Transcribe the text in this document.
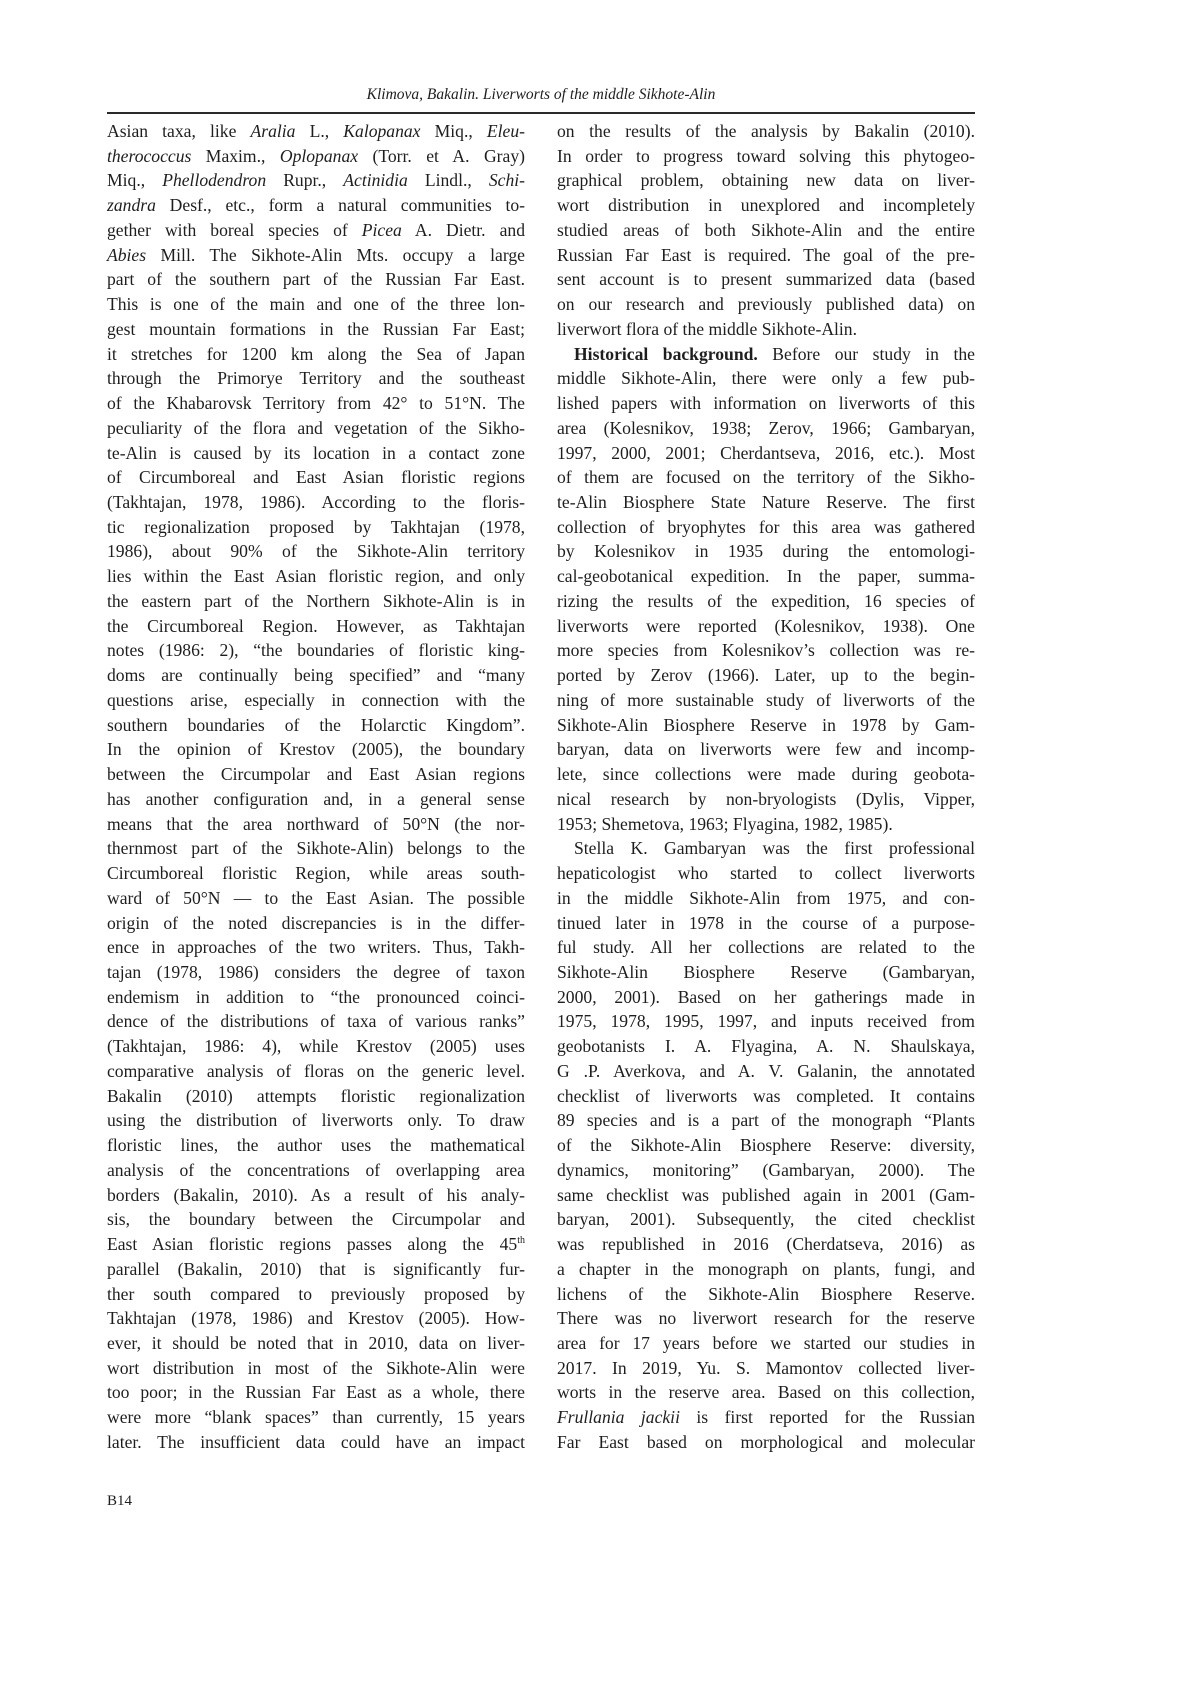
Klimova, Bakalin. Liverworts of the middle Sikhote-Alin
Asian taxa, like Aralia L., Kalopanax Miq., Eleu-
therococcus Maxim., Oplopanax (Torr. et A. Gray)
Miq., Phellodendron Rupr., Actinidia Lindl., Schi-
zandra Desf., etc., form a natural communities to-
gether with boreal species of Picea A. Dietr. and
Abies Mill. The Sikhote-Alin Mts. occupy a large
part of the southern part of the Russian Far East.
This is one of the main and one of the three lon-
gest mountain formations in the Russian Far East;
it stretches for 1200 km along the Sea of Japan
through the Primorye Territory and the southeast
of the Khabarovsk Territory from 42° to 51°N. The
peculiarity of the flora and vegetation of the Sikho-
te-Alin is caused by its location in a contact zone
of Circumboreal and East Asian floristic regions
(Takhtajan, 1978, 1986). According to the floris-
tic regionalization proposed by Takhtajan (1978,
1986), about 90% of the Sikhote-Alin territory
lies within the East Asian floristic region, and only
the eastern part of the Northern Sikhote-Alin is in
the Circumboreal Region. However, as Takhtajan
notes (1986: 2), “the boundaries of floristic king-
doms are continually being specified” and “many
questions arise, especially in connection with the
southern boundaries of the Holarctic Kingdom”.
In the opinion of Krestov (2005), the boundary
between the Circumpolar and East Asian regions
has another configuration and, in a general sense
means that the area northward of 50°N (the nor-
thernmost part of the Sikhote-Alin) belongs to the
Circumboreal floristic Region, while areas south-
ward of 50°N — to the East Asian. The possible
origin of the noted discrepancies is in the differ-
ence in approaches of the two writers. Thus, Takh-
tajan (1978, 1986) considers the degree of taxon
endemism in addition to “the pronounced coinci-
dence of the distributions of taxa of various ranks”
(Takhtajan, 1986: 4), while Krestov (2005) uses
comparative analysis of floras on the generic level.
Bakalin (2010) attempts floristic regionalization
using the distribution of liverworts only. To draw
floristic lines, the author uses the mathematical
analysis of the concentrations of overlapping area
borders (Bakalin, 2010). As a result of his analy-
sis, the boundary between the Circumpolar and
East Asian floristic regions passes along the 45th
parallel (Bakalin, 2010) that is significantly fur-
ther south compared to previously proposed by
Takhtajan (1978, 1986) and Krestov (2005). How-
ever, it should be noted that in 2010, data on liver-
wort distribution in most of the Sikhote-Alin were
too poor; in the Russian Far East as a whole, there
were more “blank spaces” than currently, 15 years
later. The insufficient data could have an impact
on the results of the analysis by Bakalin (2010).
In order to progress toward solving this phytogeo-
graphical problem, obtaining new data on liver-
wort distribution in unexplored and incompletely
studied areas of both Sikhote-Alin and the entire
Russian Far East is required. The goal of the pre-
sent account is to present summarized data (based
on our research and previously published data) on
liverwort flora of the middle Sikhote-Alin.
Historical background. Before our study in the
middle Sikhote-Alin, there were only a few pub-
lished papers with information on liverworts of this
area (Kolesnikov, 1938; Zerov, 1966; Gambaryan,
1997, 2000, 2001; Cherdantseva, 2016, etc.). Most
of them are focused on the territory of the Sikho-
te-Alin Biosphere State Nature Reserve. The first
collection of bryophytes for this area was gathered
by Kolesnikov in 1935 during the entomologi-
cal-geobotanical expedition. In the paper, summa-
rizing the results of the expedition, 16 species of
liverworts were reported (Kolesnikov, 1938). One
more species from Kolesnikov’s collection was re-
ported by Zerov (1966). Later, up to the begin-
ning of more sustainable study of liverworts of the
Sikhote-Alin Biosphere Reserve in 1978 by Gam-
baryan, data on liverworts were few and incomp-
lete, since collections were made during geobota-
nical research by non-bryologists (Dylis, Vipper,
1953; Shemetova, 1963; Flyagina, 1982, 1985).
Stella K. Gambaryan was the first professional
hepaticologist who started to collect liverworts
in the middle Sikhote-Alin from 1975, and con-
tinued later in 1978 in the course of a purpose-
ful study. All her collections are related to the
Sikhote-Alin Biosphere Reserve (Gambaryan,
2000, 2001). Based on her gatherings made in
1975, 1978, 1995, 1997, and inputs received from
geobotanists I. A. Flyagina, A. N. Shaulskaya,
G .P. Averkova, and A. V. Galanin, the annotated
checklist of liverworts was completed. It contains
89 species and is a part of the monograph “Plants
of the Sikhote-Alin Biosphere Reserve: diversity,
dynamics, monitoring” (Gambaryan, 2000). The
same checklist was published again in 2001 (Gam-
baryan, 2001). Subsequently, the cited checklist
was republished in 2016 (Cherdatseva, 2016) as
a chapter in the monograph on plants, fungi, and
lichens of the Sikhote-Alin Biosphere Reserve.
There was no liverwort research for the reserve
area for 17 years before we started our studies in
2017. In 2019, Yu. S. Mamontov collected liver-
worts in the reserve area. Based on this collection,
Frullania jackii is first reported for the Russian
Far East based on morphological and molecular
B14
